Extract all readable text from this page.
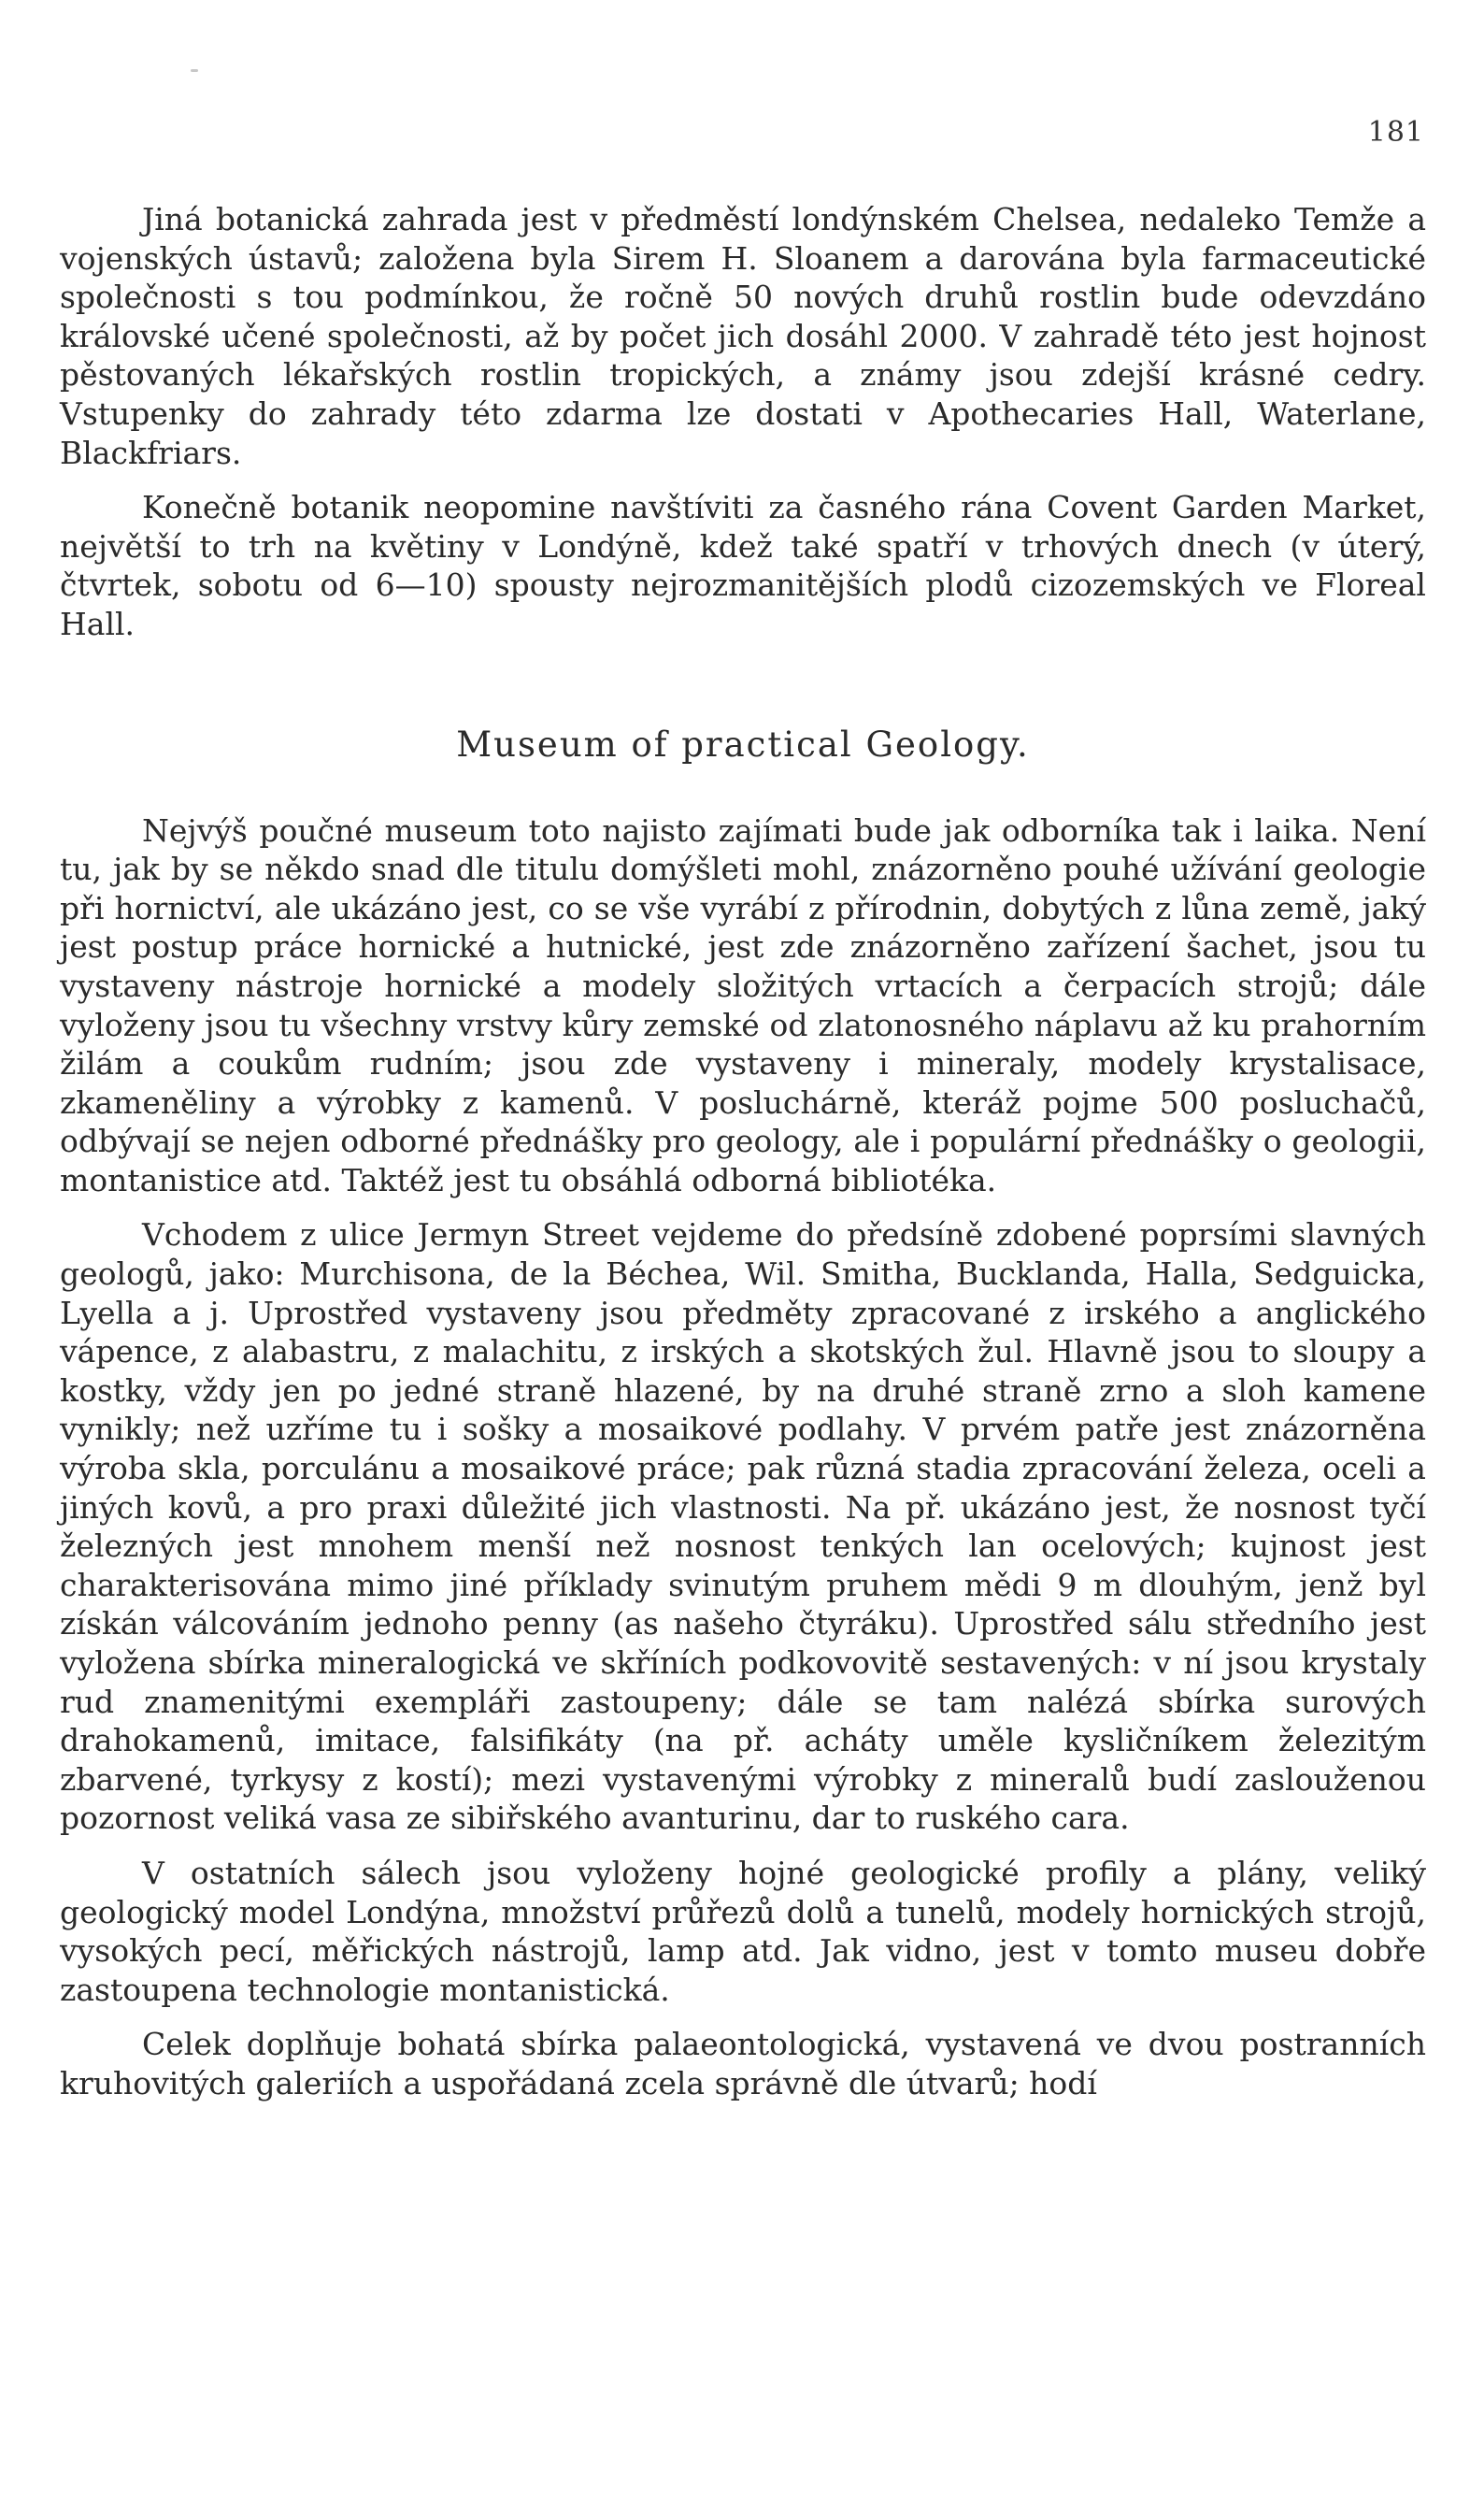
181

Jiná botanická zahrada jest v předměstí londýnském Chelsea, nedaleko Temže a vojenských ústavů; založena byla Sirem H. Sloanem a darována byla farmaceutické společnosti s tou podmínkou, že ročně 50 nových druhů rostlin bude odevzdáno královské učené společnosti, až by počet jich dosáhl 2000. V zahradě této jest hojnost pěstovaných lékařských rostlin tropických, a známy jsou zdejší krásné cedry. Vstupenky do zahrady této zdarma lze dostati v Apothecaries Hall, Waterlane, Blackfriars.

Konečně botanik neopomine navštíviti za časného rána Covent Garden Market, největší to trh na květiny v Londýně, kdež také spatří v trhových dnech (v úterý, čtvrtek, sobotu od 6—10) spousty nejrozmanitějších plodů cizozemských ve Floreal Hall.

Museum of practical Geology.

Nejvýš poučné museum toto najisto zajímati bude jak odborníka tak i laika. Není tu, jak by se někdo snad dle titulu domýšleti mohl, znázorněno pouhé užívání geologie při hornictví, ale ukázáno jest, co se vše vyrábí z přírodnin, dobytých z lůna země, jaký jest postup práce hornické a hutnické, jest zde znázorněno zařízení šachet, jsou tu vystaveny nástroje hornické a modely složitých vrtacích a čerpacích strojů; dále vyloženy jsou tu všechny vrstvy kůry zemské od zlatonosného náplavu až ku prahorním žilám a coukům rudním; jsou zde vystaveny i mineraly, modely krystalisace, zkameněliny a výrobky z kamenů. V posluchárně, kteráž pojme 500 posluchačů, odbývají se nejen odborné přednášky pro geology, ale i populární přednášky o geologii, montanistice atd. Taktéž jest tu obsáhlá odborná bibliotéka.

Vchodem z ulice Jermyn Street vejdeme do předsíně zdobené poprsími slavných geologů, jako: Murchisona, de la Béchea, Wil. Smitha, Bucklanda, Halla, Sedguicka, Lyella a j. Uprostřed vystaveny jsou předměty zpracované z irského a anglického vápence, z alabastru, z malachitu, z irských a skotských žul. Hlavně jsou to sloupy a kostky, vždy jen po jedné straně hlazené, by na druhé straně zrno a sloh kamene vynikly; než uzříme tu i sošky a mosaikové podlahy. V prvém patře jest znázorněna výroba skla, porculánu a mosaikové práce; pak různá stadia zpracování železa, oceli a jiných kovů, a pro praxi důležité jich vlastnosti. Na př. ukázáno jest, že nosnost tyčí železných jest mnohem menší než nosnost tenkých lan ocelových; kujnost jest charakterisována mimo jiné příklady svinutým pruhem mědi 9 m dlouhým, jenž byl získán válcováním jednoho penny (as našeho čtyráku). Uprostřed sálu středního jest vyložena sbírka mineralogická ve skříních podkovovitě sestavených: v ní jsou krystaly rud znamenitými exempláři zastoupeny; dále se tam nalézá sbírka surových drahokamenů, imitace, falsifikáty (na př. acháty uměle kysličníkem železitým zbarvené, tyrkysy z kostí); mezi vystavenými výrobky z mineralů budí zaslouženou pozornost veliká vasa ze sibiřského avanturinu, dar to ruského cara.

V ostatních sálech jsou vyloženy hojné geologické profily a plány, veliký geologický model Londýna, množství průřezů dolů a tunelů, modely hornických strojů, vysokých pecí, měřických nástrojů, lamp atd. Jak vidno, jest v tomto museu dobře zastoupena technologie montanistická.

Celek doplňuje bohatá sbírka palaeontologická, vystavená ve dvou postranních kruhovitých galeriích a uspořádaná zcela správně dle útvarů; hodí
